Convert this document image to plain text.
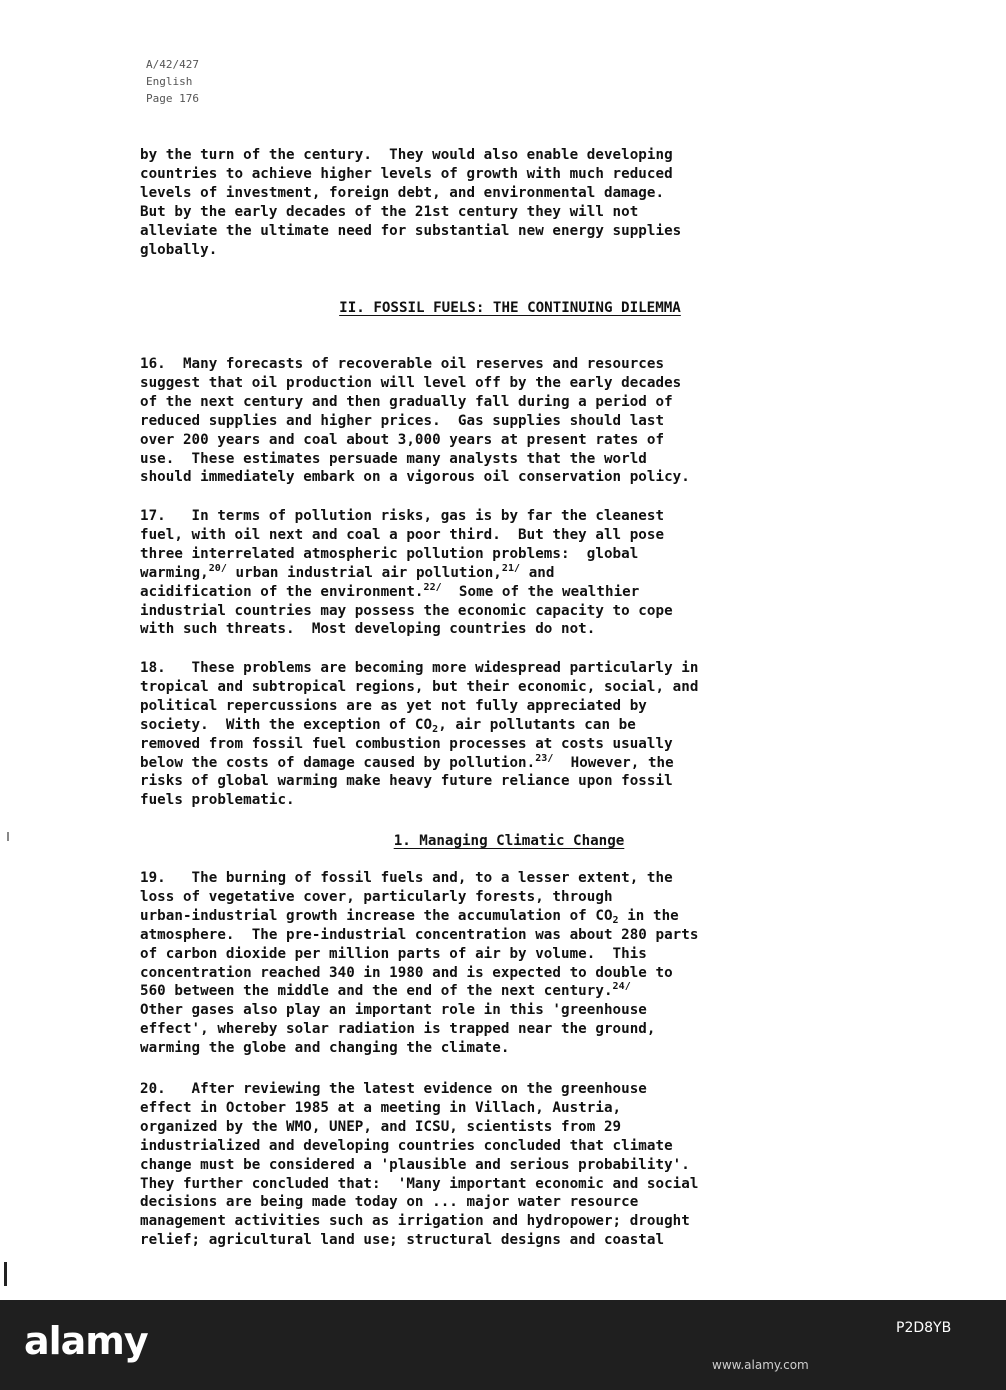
A/42/427
English
Page 176
by the turn of the century.  They would also enable developing
countries to achieve higher levels of growth with much reduced
levels of investment, foreign debt, and environmental damage.
But by the early decades of the 21st century they will not
alleviate the ultimate need for substantial new energy supplies
globally.
II. FOSSIL FUELS: THE CONTINUING DILEMMA
16.  Many forecasts of recoverable oil reserves and resources
suggest that oil production will level off by the early decades
of the next century and then gradually fall during a period of
reduced supplies and higher prices.  Gas supplies should last
over 200 years and coal about 3,000 years at present rates of
use.  These estimates persuade many analysts that the world
should immediately embark on a vigorous oil conservation policy.
17.   In terms of pollution risks, gas is by far the cleanest
fuel, with oil next and coal a poor third.  But they all pose
three interrelated atmospheric pollution problems:  global
warming,$^{20/}$ urban industrial air pollution,$^{21/}$ and
acidification of the environment.$^{22/}$  Some of the wealthier
industrial countries may possess the economic capacity to cope
with such threats.  Most developing countries do not.
18.   These problems are becoming more widespread particularly in
tropical and subtropical regions, but their economic, social, and
political repercussions are as yet not fully appreciated by
society.  With the exception of $CO_2$, air pollutants can be
removed from fossil fuel combustion processes at costs usually
below the costs of damage caused by pollution.$^{23/}$  However, the
risks of global warming make heavy future reliance upon fossil
fuels problematic.
1. Managing Climatic Change
19.   The burning of fossil fuels and, to a lesser extent, the
loss of vegetative cover, particularly forests, through
urban-industrial growth increase the accumulation of $CO_2$ in the
atmosphere.  The pre-industrial concentration was about 280 parts
of carbon dioxide per million parts of air by volume.  This
concentration reached 340 in 1980 and is expected to double to
560 between the middle and the end of the next century.$^{24/}$
Other gases also play an important role in this 'greenhouse
effect', whereby solar radiation is trapped near the ground,
warming the globe and changing the climate.
20.   After reviewing the latest evidence on the greenhouse
effect in October 1985 at a meeting in Villach, Austria,
organized by the WMO, UNEP, and ICSU, scientists from 29
industrialized and developing countries concluded that climate
change must be considered a 'plausible and serious probability'.
They further concluded that:  'Many important economic and social
decisions are being made today on ... major water resource
management activities such as irrigation and hydropower; drought
relief; agricultural land use; structural designs and coastal
alamy	P2D8YB
www.alamy.com
